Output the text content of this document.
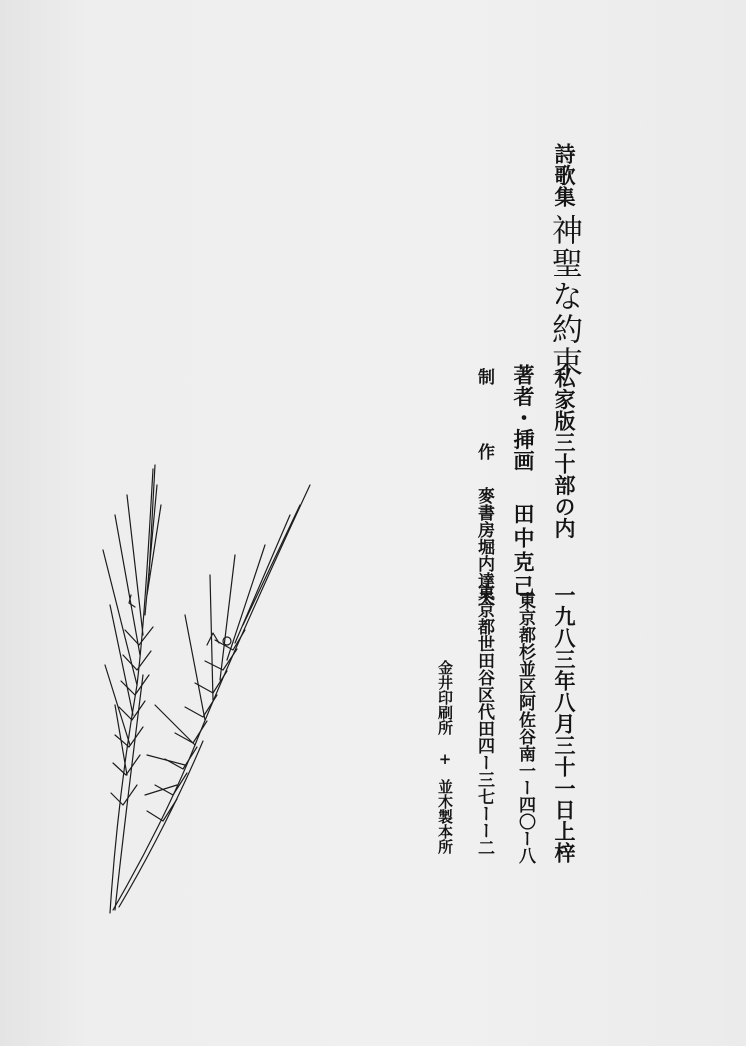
詩歌集
神聖な約束
私家版三十部の内
一九八三年八月三十一日上梓
著者・挿画
田中克己
東京都杉並区阿佐谷南一ー四〇ー八
制
作
麥書房堀内達夫
東京都世田谷区代田四ー三七ーー二
金井印刷所
+
並木製本所
